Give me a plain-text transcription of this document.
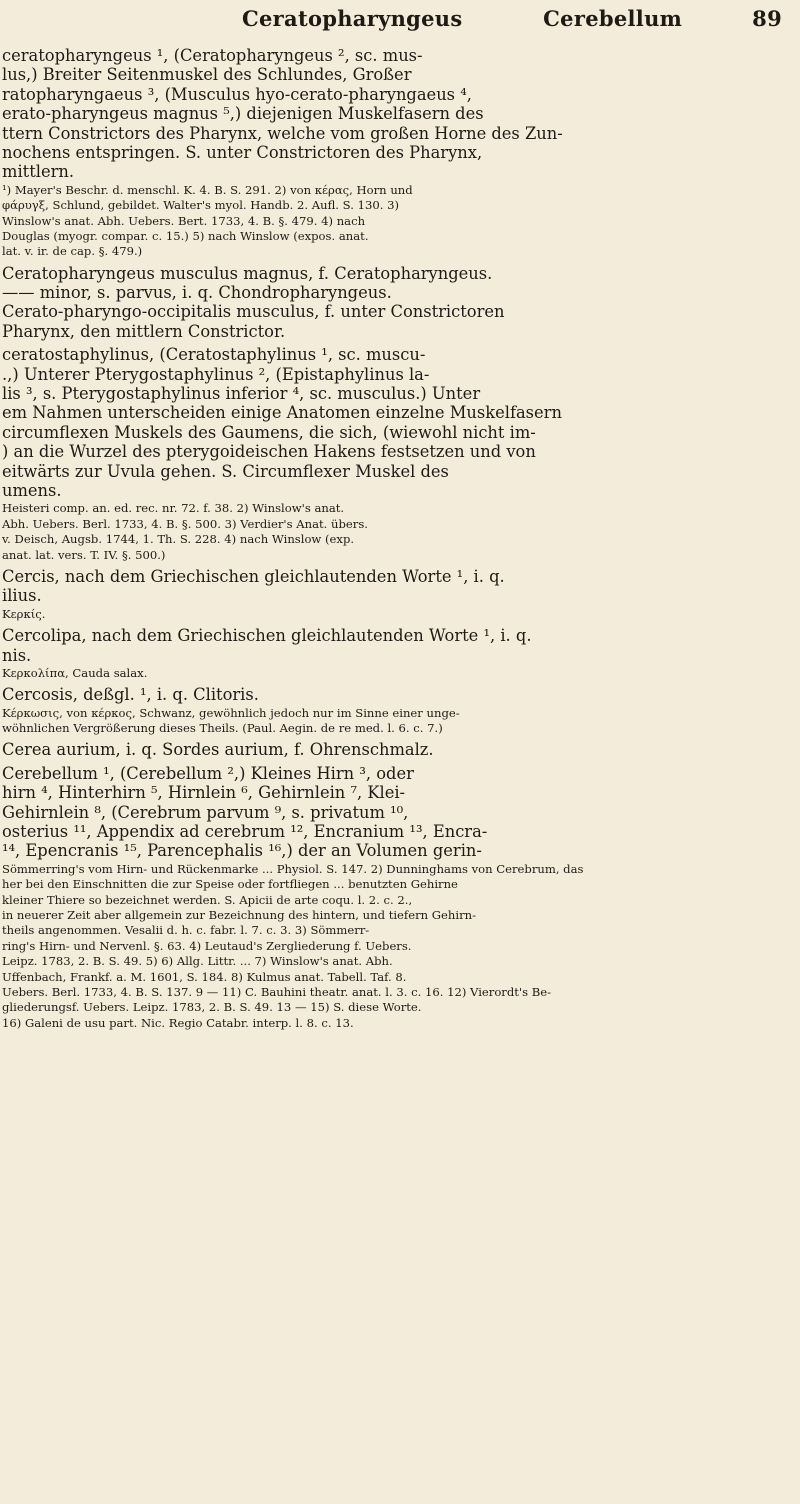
Ceratopharyngeus	Cerebellum	89
ceratopharyngeus ¹, (Ceratopharyngeus ², sc. mus-
lus,) Breiter Seitenmuskel des Schlundes, Großer
ratopharyngaeus ³, (Musculus hyo-cerato-pharyngaeus ⁴,
erato-pharyngeus magnus ⁵,) diejenigen Muskelfasern des
ttern Constrictors des Pharynx, welche vom großen Horne des Zun-
nochens entspringen. S. unter Constrictoren des Pharynx,
mittlern.
¹) Mayer's Beschr. d. menschl. K. 4. B. S. 291. 2) von κέρας, Horn und
φάρυγξ, Schlund, gebildet. Walter's myol. Handb. 2. Aufl. S. 130. 3)
Winslow's anat. Abh. Uebers. Bert. 1733, 4. B. §. 479. 4) nach
Douglas (myogr. compar. c. 15.) 5) nach Winslow (expos. anat.
lat. v. ir. de cap. §. 479.)
Ceratopharyngeus musculus magnus, f. Ceratopharyngeus.
—— minor, s. parvus, i. q. Chondropharyngeus.
Cerato-pharyngo-occipitalis musculus, f. unter Constrictoren
Pharynx, den mittlern Constrictor.
ceratostaphylinus, (Ceratostaphylinus ¹, sc. muscu-
.,) Unterer Pterygostaphylinus ², (Epistaphylinus la-
lis ³, s. Pterygostaphylinus inferior ⁴, sc. musculus.) Unter
em Nahmen unterscheiden einige Anatomen einzelne Muskelfasern
circumflexen Muskels des Gaumens, die sich, (wiewohl nicht im-
) an die Wurzel des pterygoideischen Hakens festsetzen und von
eitwärts zur Uvula gehen. S. Circumflexer Muskel des
umens.
Heisteri comp. an. ed. rec. nr. 72. f. 38. 2) Winslow's anat.
Abh. Uebers. Berl. 1733, 4. B. §. 500. 3) Verdier's Anat. übers.
v. Deisch, Augsb. 1744, 1. Th. S. 228. 4) nach Winslow (exp.
anat. lat. vers. T. IV. §. 500.)
Cercis, nach dem Griechischen gleichlautenden Worte ¹, i. q.
ilius.
Κερκίς.
Cercolipa, nach dem Griechischen gleichlautenden Worte ¹, i. q.
nis.
Κερκολίπα, Cauda salax.
Cercosis, deßgl. ¹, i. q. Clitoris.
Κέρκωσις, von κέρκος, Schwanz, gewöhnlich jedoch nur im Sinne einer unge-
wöhnlichen Vergrößerung dieses Theils. (Paul. Aegin. de re med. l. 6. c. 7.)
Cerea aurium, i. q. Sordes aurium, f. Ohrenschmalz.
Cerebellum ¹, (Cerebellum ²,) Kleines Hirn ³, oder
hirn ⁴, Hinterhirn ⁵, Hirnlein ⁶, Gehirnlein ⁷, Klei-
Gehirnlein ⁸, (Cerebrum parvum ⁹, s. privatum ¹⁰,
osterius ¹¹, Appendix ad cerebrum ¹², Encranium ¹³, Encra-
¹⁴, Epencranis ¹⁵, Parencephalis ¹⁶,) der an Volumen gerin-
Sömmerring's vom Hirn- und Rückenmarke ... Physiol. S. 147. 2) Dunninghams von Cerebrum, das
her bei den Einschnitten die zur Speise oder fortfliegen ... benutzten Gehirne
kleiner Thiere so bezeichnet werden. S. Apicii de arte coqu. l. 2. c. 2.,
in neuerer Zeit aber allgemein zur Bezeichnung des hintern, und tiefern Gehirn-
theils angenommen. Vesalii d. h. c. fabr. l. 7. c. 3. 3) Sömmerr-
ring's Hirn- und Nervenl. §. 63. 4) Leutaud's Zergliederung f. Uebers.
Leipz. 1783, 2. B. S. 49. 5) 6) Allg. Littr. ... 7) Winslow's anat. Abh.
Uffenbach, Frankf. a. M. 1601, S. 184. 8) Kulmus anat. Tabell. Taf. 8.
Uebers. Berl. 1733, 4. B. S. 137. 9 — 11) C. Bauhini theatr. anat. l. 3. c. 16. 12) Vierordt's Be-
gliederungsf. Uebers. Leipz. 1783, 2. B. S. 49. 13 — 15) S. diese Worte.
16) Galeni de usu part. Nic. Regio Catabr. interp. l. 8. c. 13.
